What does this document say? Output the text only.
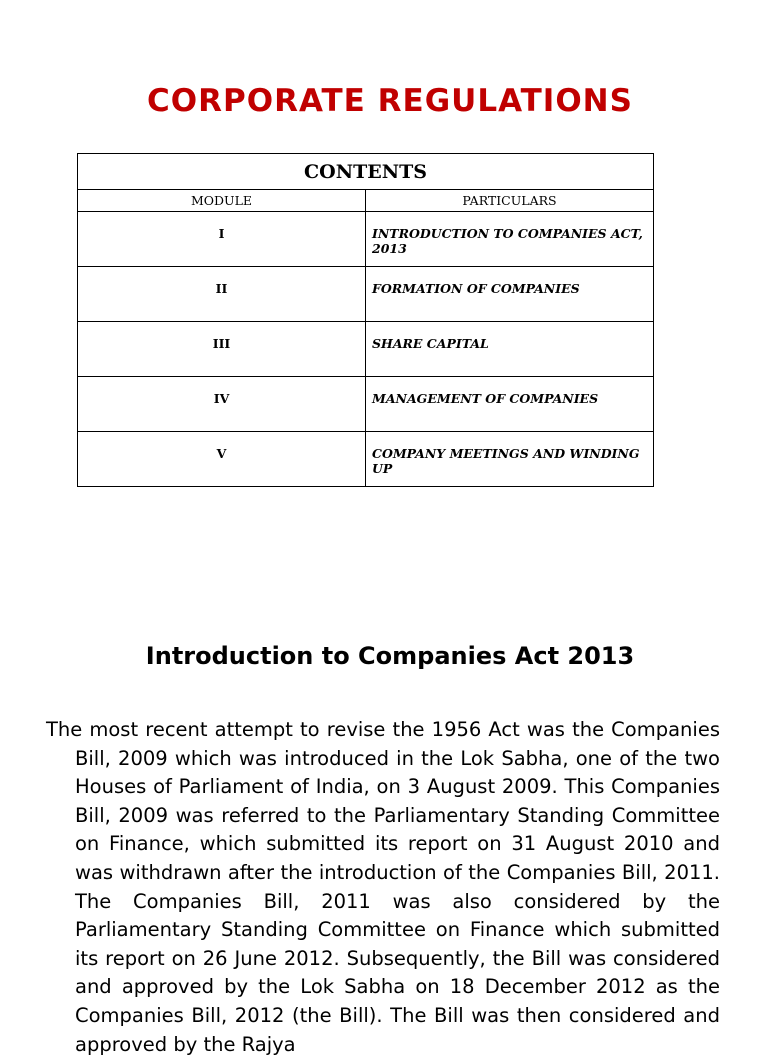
CORPORATE REGULATIONS
CONTENTS	
MODULE	PARTICULARS
I	INTRODUCTION TO COMPANIES ACT, 2013
II	FORMATION OF COMPANIES
III	SHARE CAPITAL
IV	MANAGEMENT OF COMPANIES
V	COMPANY MEETINGS AND WINDING UP
Introduction to Companies Act 2013

The most recent attempt to revise the 1956 Act was the Companies Bill, 2009 which was introduced in the Lok Sabha, one of the two Houses of Parliament of India, on 3 August 2009. This Companies Bill, 2009 was referred to the Parliamentary Standing Committee on Finance, which submitted its report on 31 August 2010 and was withdrawn after the introduction of the Companies Bill, 2011. The Companies Bill, 2011 was also considered by the Parliamentary Standing Committee on Finance which submitted its report on 26 June 2012. Subsequently, the Bill was considered and approved by the Lok Sabha on 18 December 2012 as the Companies Bill, 2012 (the Bill). The Bill was then considered and approved by the Rajya
